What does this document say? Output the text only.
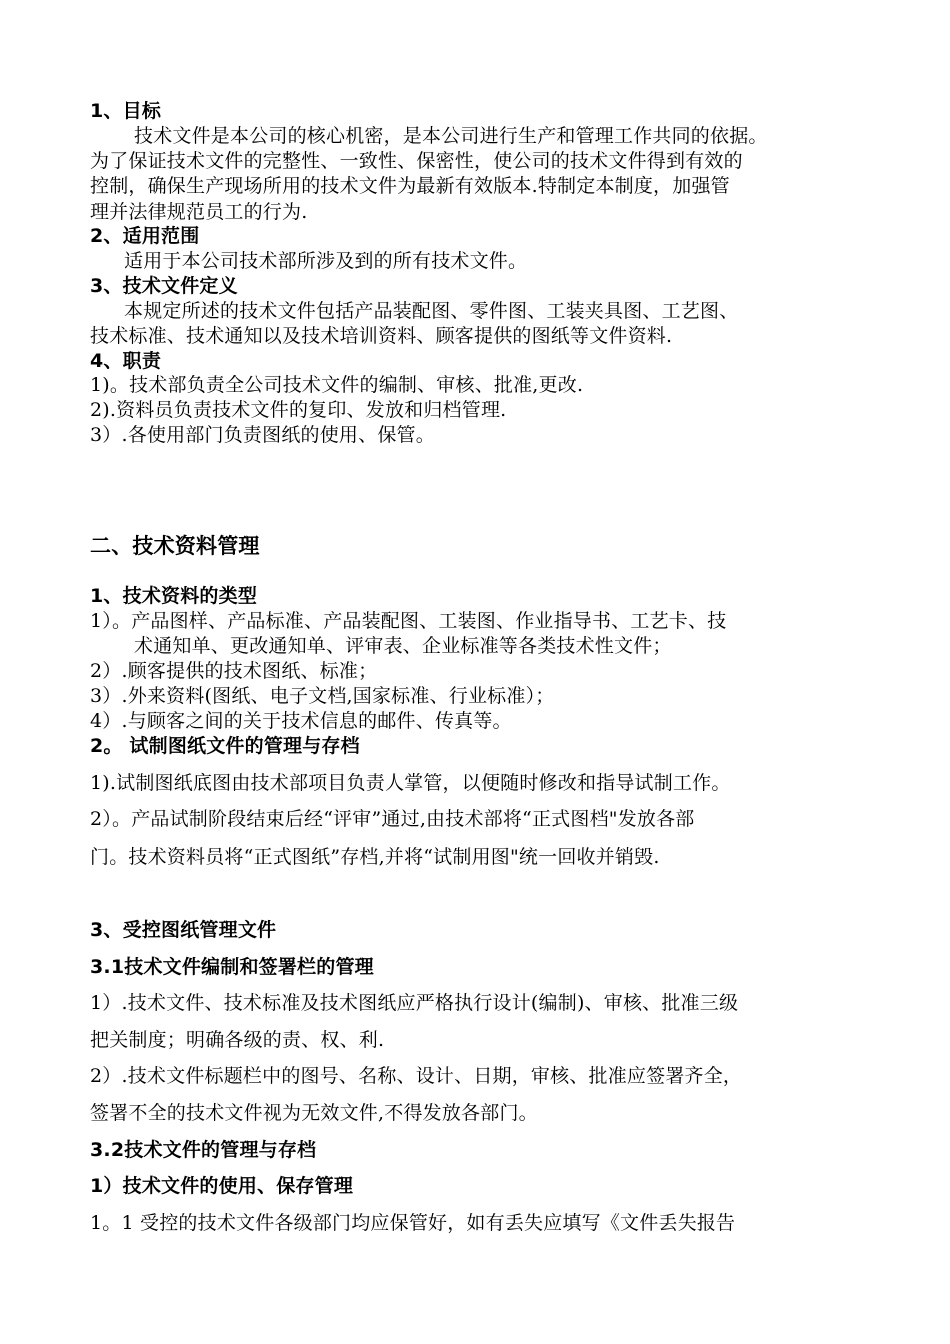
1、目标

技术文件是本公司的核心机密，是本公司进行生产和管理工作共同的依据。

为了保证技术文件的完整性、一致性、保密性，使公司的技术文件得到有效的

控制，确保生产现场所用的技术文件为最新有效版本.特制定本制度，加强管

理并法律规范员工的行为.

2、适用范围

适用于本公司技术部所涉及到的所有技术文件。

3、技术文件定义

本规定所述的技术文件包括产品装配图、零件图、工装夹具图、工艺图、

技术标准、技术通知以及技术培训资料、顾客提供的图纸等文件资料.

4、职责

1)。技术部负责全公司技术文件的编制、审核、批准,更改.

2).资料员负责技术文件的复印、发放和归档管理.

3）.各使用部门负责图纸的使用、保管。

二、技术资料管理

1、技术资料的类型

1）。产品图样、产品标准、产品装配图、工装图、作业指导书、工艺卡、技

术通知单、更改通知单、评审表、企业标准等各类技术性文件；

2）.顾客提供的技术图纸、标准；

3）.外来资料(图纸、电子文档,国家标准、行业标准）；

4）.与顾客之间的关于技术信息的邮件、传真等。

2。 试制图纸文件的管理与存档

1).试制图纸底图由技术部项目负责人掌管，以便随时修改和指导试制工作。

2）。产品试制阶段结束后经“评审”通过,由技术部将“正式图档"发放各部

门。技术资料员将“正式图纸”存档,并将“试制用图"统一回收并销毁.

3、受控图纸管理文件

3.1技术文件编制和签署栏的管理

1）.技术文件、技术标准及技术图纸应严格执行设计(编制)、审核、批准三级

把关制度；明确各级的责、权、利.

2）.技术文件标题栏中的图号、名称、设计、日期，审核、批准应签署齐全，

签署不全的技术文件视为无效文件,不得发放各部门。

3.2技术文件的管理与存档

1）技术文件的使用、保存管理

1。1 受控的技术文件各级部门均应保管好，如有丢失应填写《文件丢失报告
